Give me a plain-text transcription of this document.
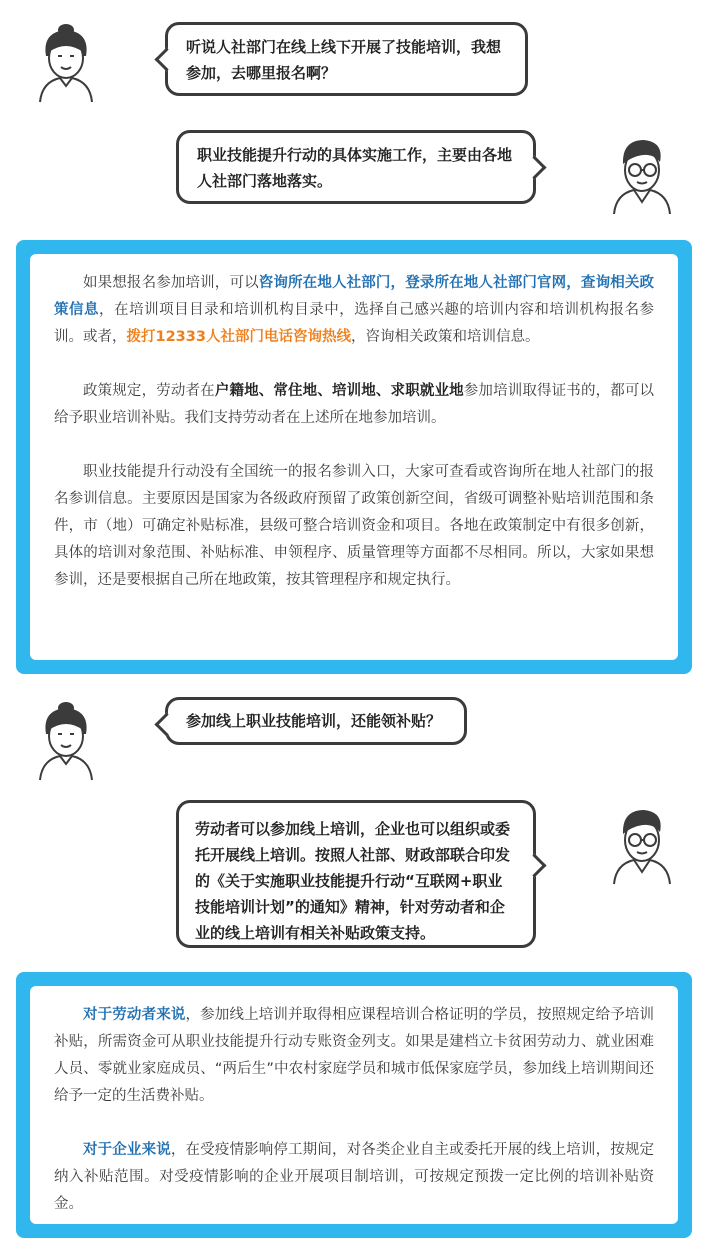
听说人社部门在线上线下开展了技能培训，我想参加，去哪里报名啊？
职业技能提升行动的具体实施工作，主要由各地人社部门落地落实。

如果想报名参加培训，可以咨询所在地人社部门，登录所在地人社部门官网，查询相关政策信息，在培训项目目录和培训机构目录中，选择自己感兴趣的培训内容和培训机构报名参训。或者，拨打12333人社部门电话咨询热线，咨询相关政策和培训信息。

政策规定，劳动者在户籍地、常住地、培训地、求职就业地参加培训取得证书的，都可以给予职业培训补贴。我们支持劳动者在上述所在地参加培训。

职业技能提升行动没有全国统一的报名参训入口，大家可查看或咨询所在地人社部门的报名参训信息。主要原因是国家为各级政府预留了政策创新空间，省级可调整补贴培训范围和条件，市（地）可确定补贴标准，县级可整合培训资金和项目。各地在政策制定中有很多创新，具体的培训对象范围、补贴标准、申领程序、质量管理等方面都不尽相同。所以，大家如果想参训，还是要根据自己所在地政策，按其管理程序和规定执行。

参加线上职业技能培训，还能领补贴？
劳动者可以参加线上培训，企业也可以组织或委托开展线上培训。按照人社部、财政部联合印发的《关于实施职业技能提升行动“互联网+职业技能培训计划”的通知》精神，针对劳动者和企业的线上培训有相关补贴政策支持。

对于劳动者来说，参加线上培训并取得相应课程培训合格证明的学员，按照规定给予培训补贴，所需资金可从职业技能提升行动专账资金列支。如果是建档立卡贫困劳动力、就业困难人员、零就业家庭成员、“两后生”中农村家庭学员和城市低保家庭学员，参加线上培训期间还给予一定的生活费补贴。

对于企业来说，在受疫情影响停工期间，对各类企业自主或委托开展的线上培训，按规定纳入补贴范围。对受疫情影响的企业开展项目制培训，可按规定预拨一定比例的培训补贴资金。
